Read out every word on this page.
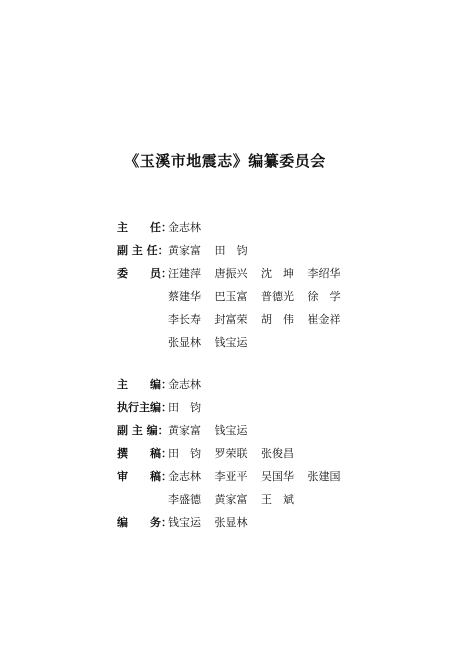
《玉溪市地震志》编纂委员会
主　　任：
金志林
副 主 任： 黄家富 田　钧
委　　员：
汪建萍 唐振兴 沈　坤 李绍华
蔡建华 巴玉富 普德光 徐　学
李长寿 封富荣 胡　伟 崔金祥
张显林 钱宝运
主　　编：
金志林
执行主编：
田　钧
副 主 编： 黄家富 钱宝运
撰　　稿：
田　钧 罗荣联 张俊昌
审　　稿：
金志林 李亚平 吴国华 张建国
李盛德 黄家富 王　斌
编　　务：
钱宝运 张显林
